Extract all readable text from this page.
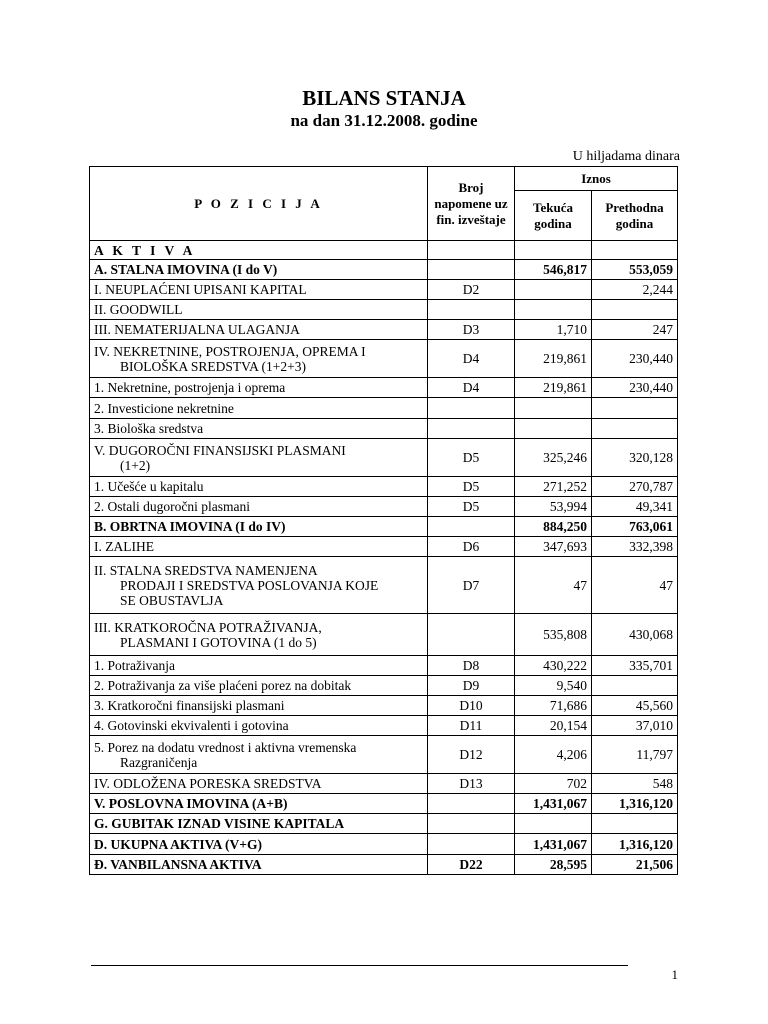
BILANS STANJA
na dan 31.12.2008. godine
U hiljadama dinara
P O Z I C I J A	Broj napomene uz fin. izveštaje	Iznos	
		Tekuća godina	Prethodna godina
A K T I V A			
A. STALNA IMOVINA (I do V)		546,817	553,059
I. NEUPLAĆENI UPISANI KAPITAL	D2		2,244
II. GOODWILL			
III. NEMATERIJALNA ULAGANJA	D3	1,710	247
IV. NEKRETNINE, POSTROJENJA, OPREMA I
BIOLOŠKA SREDSTVA (1+2+3)	D4	219,861	230,440
1. Nekretnine, postrojenja i oprema	D4	219,861	230,440
2. Investicione nekretnine			
3. Biološka sredstva			
V. DUGOROČNI FINANSIJSKI PLASMANI
(1+2)	D5	325,246	320,128
1. Učešće u kapitalu	D5	271,252	270,787
2. Ostali dugoročni plasmani	D5	53,994	49,341
B. OBRTNA IMOVINA (I do IV)		884,250	763,061
I. ZALIHE	D6	347,693	332,398
II. STALNA SREDSTVA NAMENJENA
PRODAJI I SREDSTVA POSLOVANJA KOJE
SE OBUSTAVLJA	D7	47	47
III. KRATKOROČNA POTRAŽIVANJA,
PLASMANI I GOTOVINA (1 do 5)		535,808	430,068
1. Potraživanja	D8	430,222	335,701
2. Potraživanja za više plaćeni porez na dobitak	D9	9,540	
3. Kratkoročni finansijski plasmani	D10	71,686	45,560
4. Gotovinski ekvivalenti i gotovina	D11	20,154	37,010
5. Porez na dodatu vrednost i aktivna vremenska
Razgraničenja	D12	4,206	11,797
IV. ODLOŽENA PORESKA SREDSTVA	D13	702	548
V. POSLOVNA IMOVINA (A+B)		1,431,067	1,316,120
G. GUBITAK IZNAD VISINE KAPITALA			
D. UKUPNA AKTIVA (V+G)		1,431,067	1,316,120
Đ. VANBILANSNA AKTIVA	D22	28,595	21,506
1
